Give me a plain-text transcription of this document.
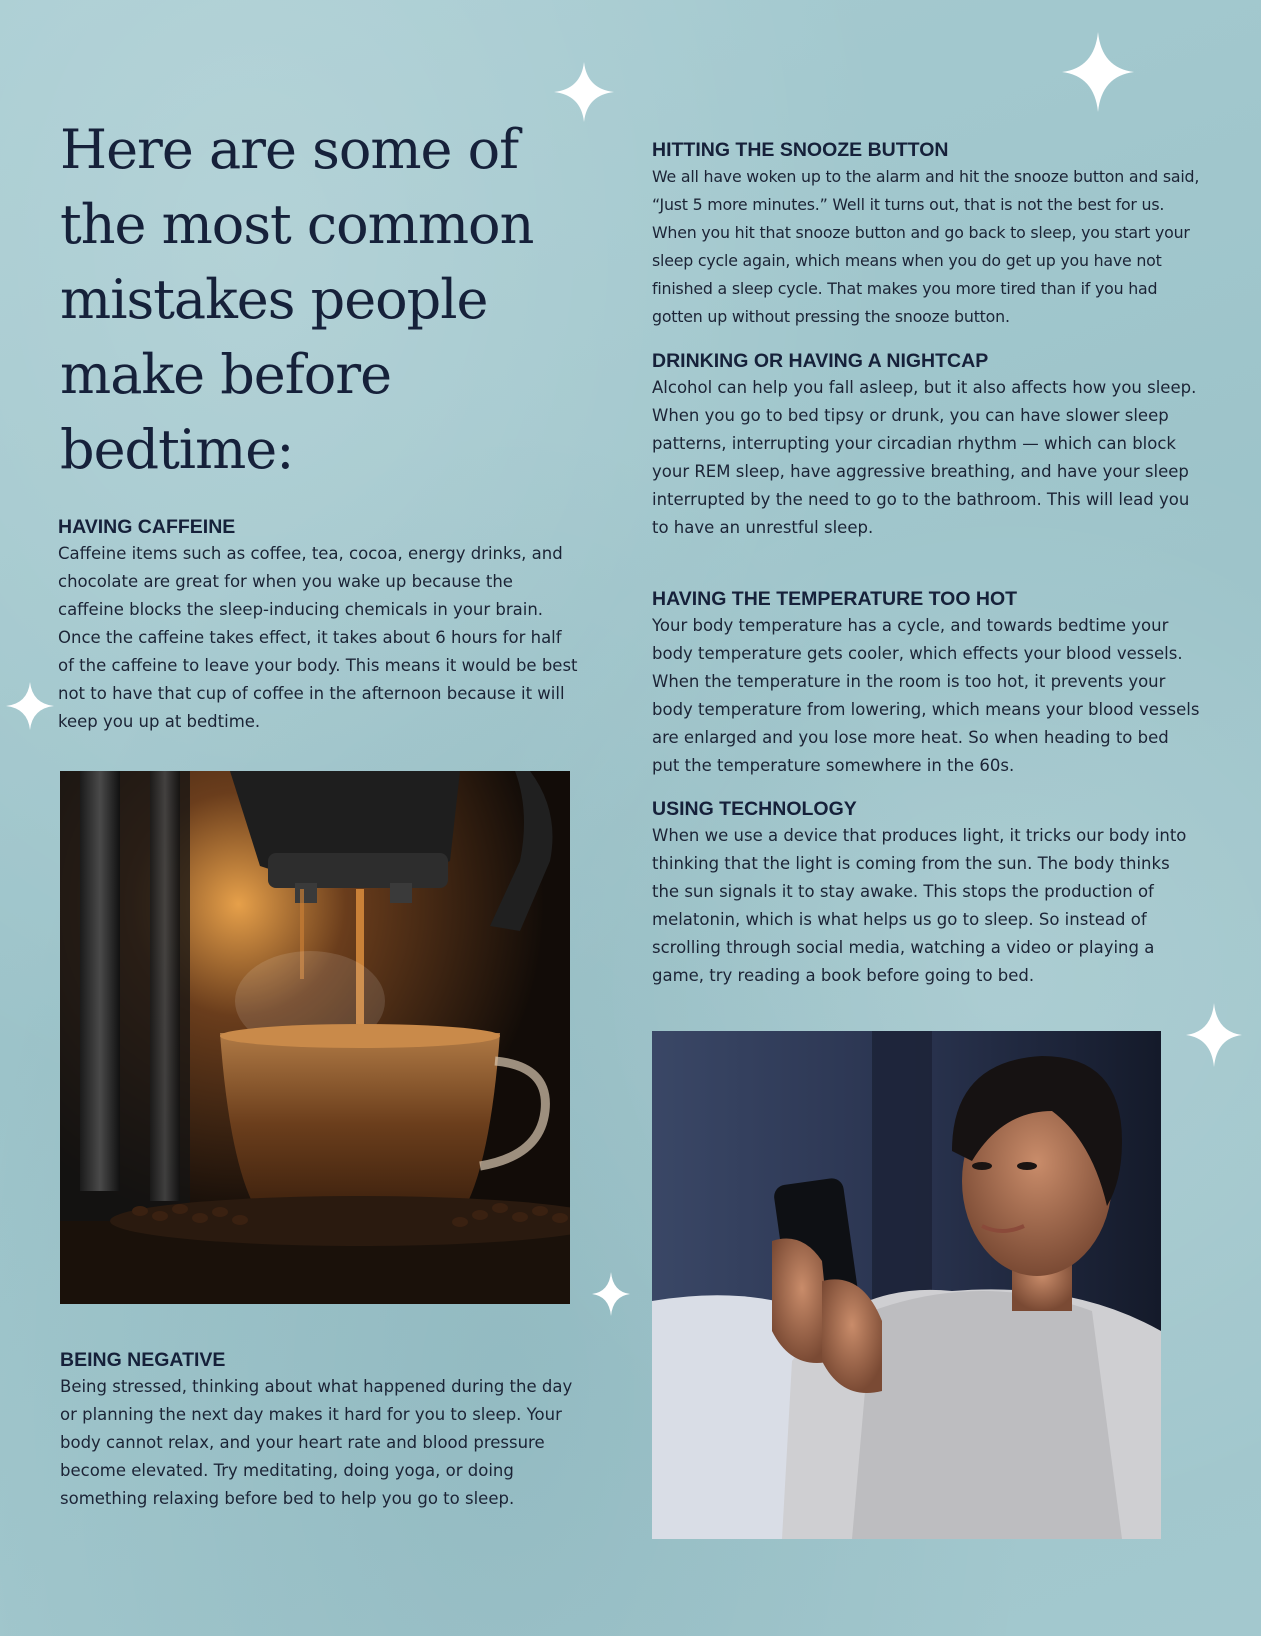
Here are some of the most common mistakes people make before bedtime:
HAVING CAFFEINE

Caffeine items such as coffee, tea, cocoa, energy drinks, and chocolate are great for when you wake up because the caffeine blocks the sleep-inducing chemicals in your brain. Once the caffeine takes effect, it takes about 6 hours for half of the caffeine to leave your body. This means it would be best not to have that cup of coffee in the afternoon because it will keep you up at bedtime.

BEING NEGATIVE

Being stressed, thinking about what happened during the day or planning the next day makes it hard for you to sleep. Your body cannot relax, and your heart rate and blood pressure become elevated. Try meditating, doing yoga, or doing something relaxing before bed to help you go to sleep.

HITTING THE SNOOZE BUTTON

We all have woken up to the alarm and hit the snooze button and said, “Just 5 more minutes.” Well it turns out, that is not the best for us. When you hit that snooze button and go back to sleep, you start your sleep cycle again, which means when you do get up you have not finished a sleep cycle. That makes you more tired than if you had gotten up without pressing the snooze button.

DRINKING OR HAVING A NIGHTCAP

Alcohol can help you fall asleep, but it also affects how you sleep. When you go to bed tipsy or drunk, you can have slower sleep patterns, interrupting your circadian rhythm — which can block your REM sleep, have aggressive breathing, and have your sleep interrupted by the need to go to the bathroom. This will lead you to have an unrestful sleep.

HAVING THE TEMPERATURE TOO HOT

Your body temperature has a cycle, and towards bedtime your body temperature gets cooler, which effects your blood vessels. When the temperature in the room is too hot, it prevents your body temperature from lowering, which means your blood vessels are enlarged and you lose more heat. So when heading to bed put the temperature somewhere in the 60s.

USING TECHNOLOGY

When we use a device that produces light, it tricks our body into thinking that the light is coming from the sun. The body thinks the sun signals it to stay awake. This stops the production of melatonin, which is what helps us go to sleep. So instead of scrolling through social media, watching a video or playing a game, try reading a book before going to bed.
